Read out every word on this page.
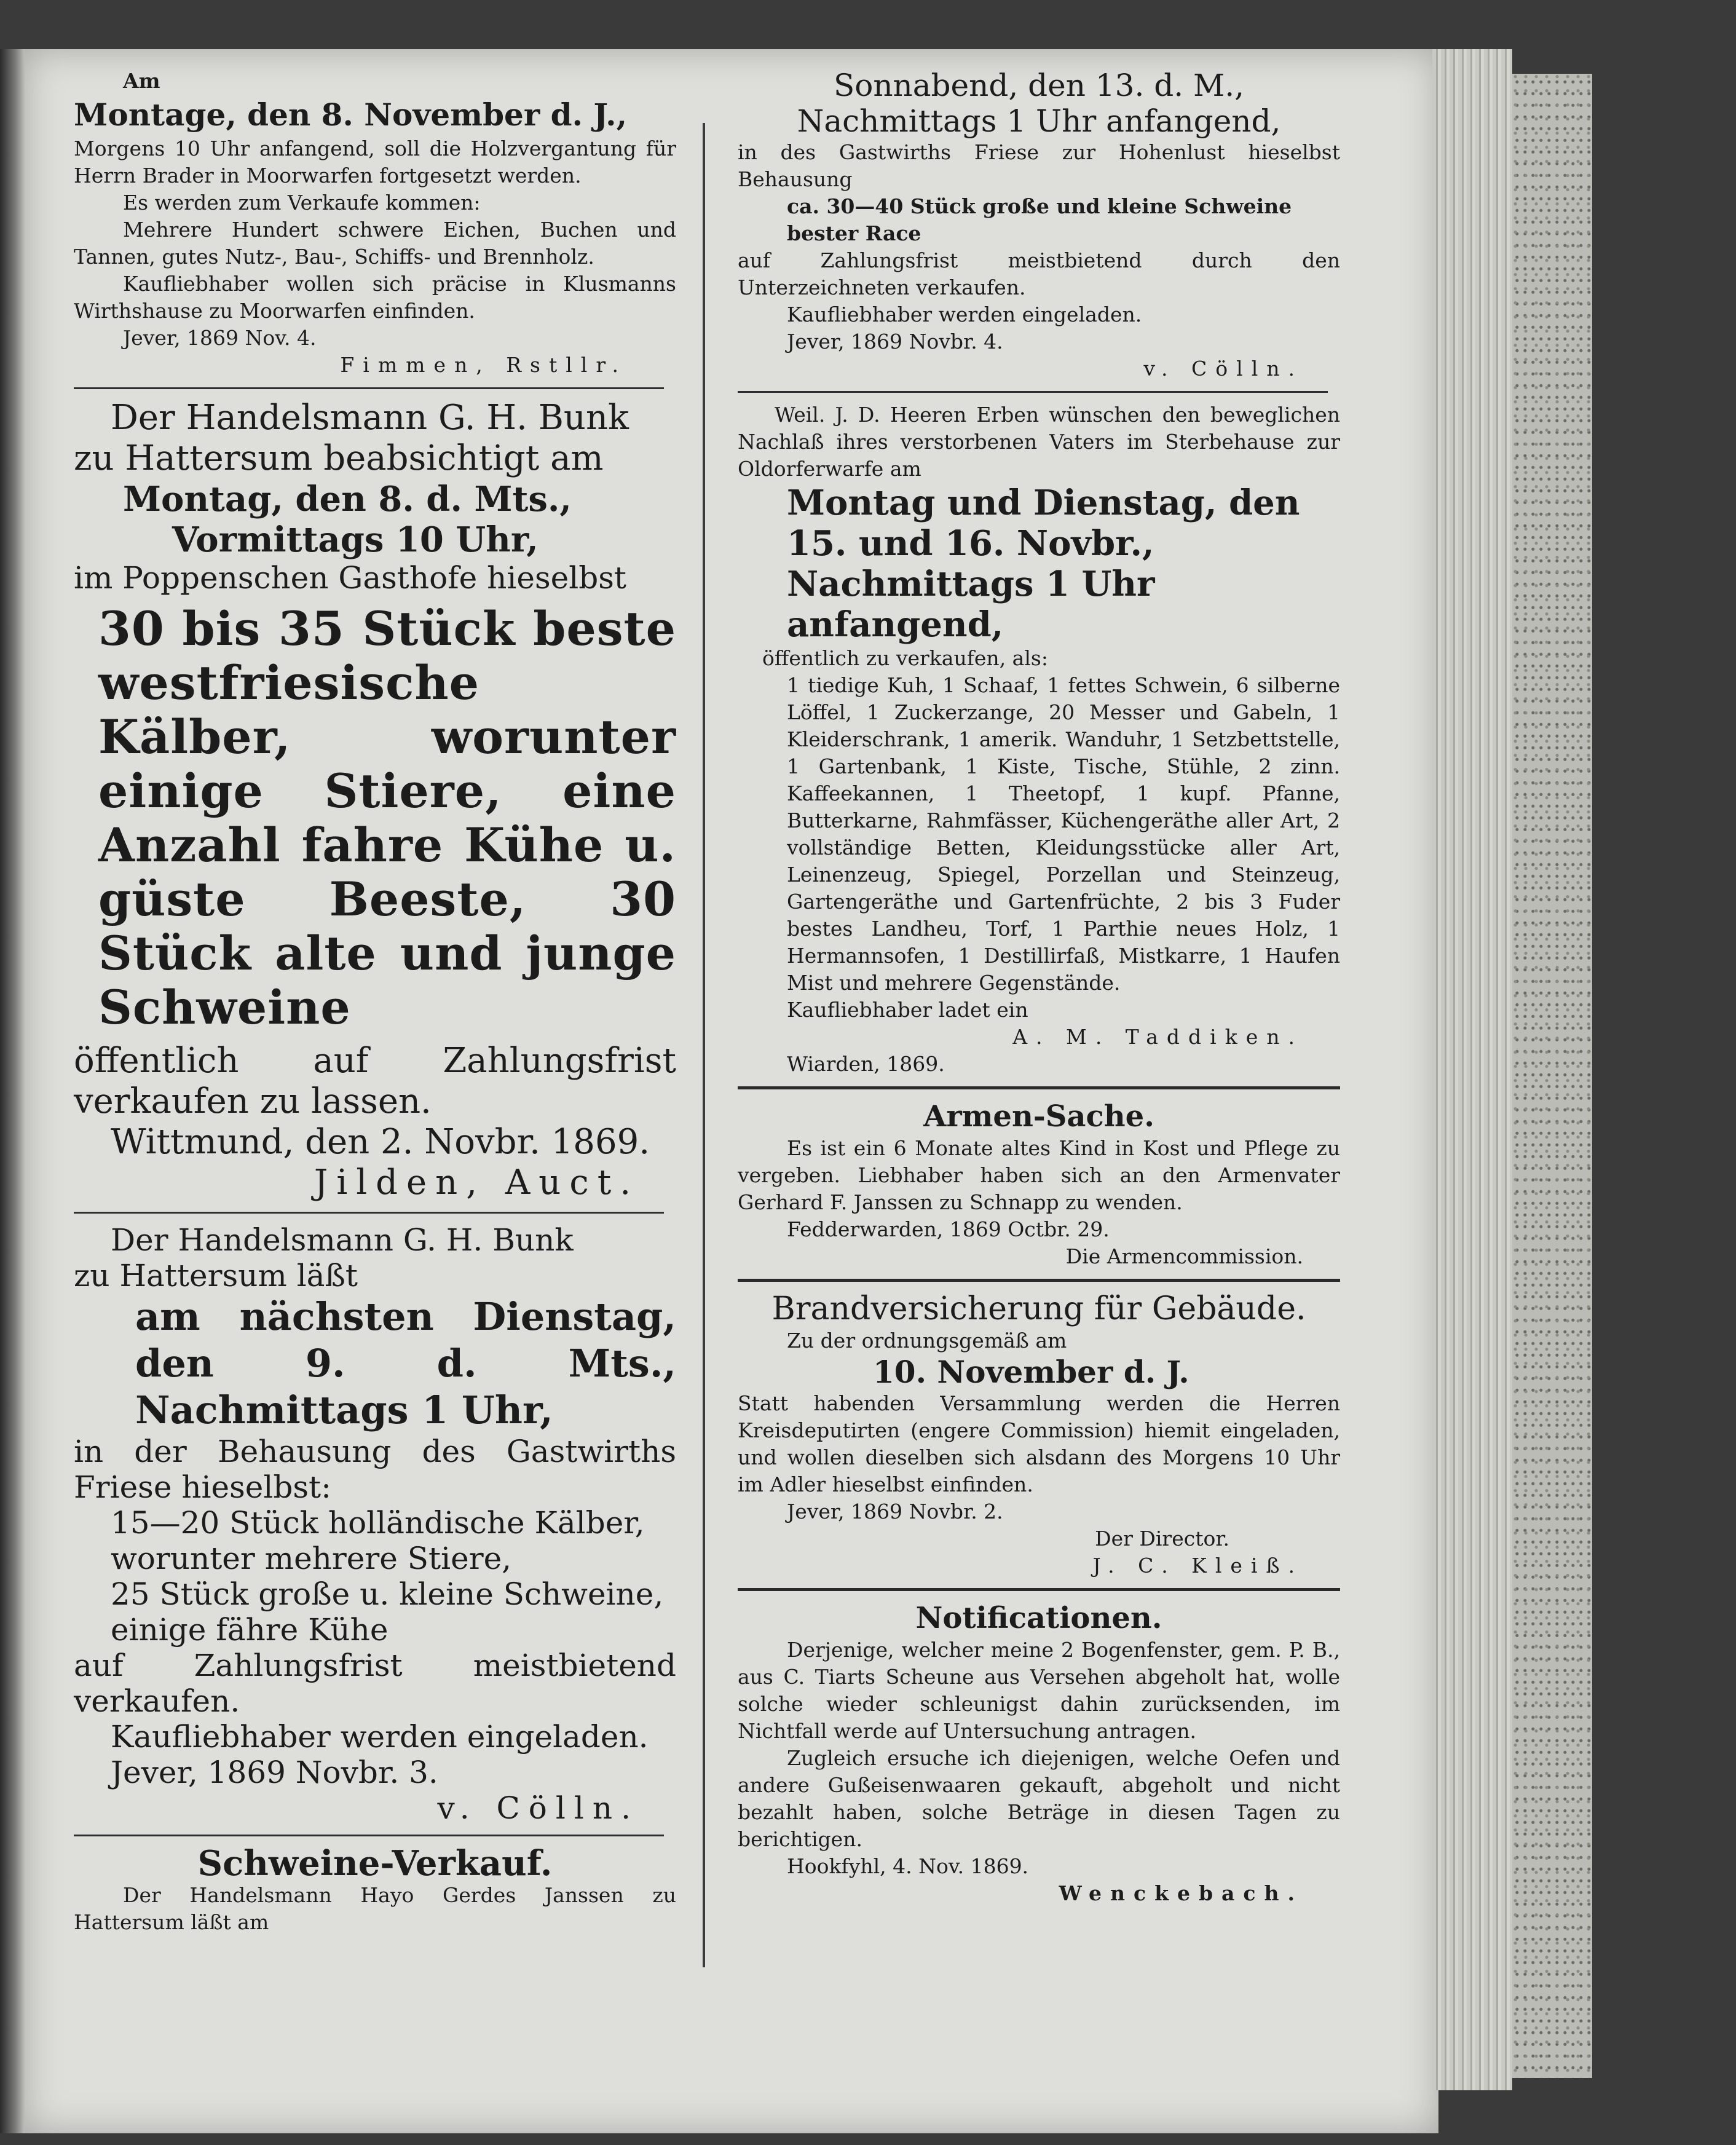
Am

Montage, den 8. November d. J.,

Morgens 10 Uhr anfangend, soll die Holzvergantung für Herrn Brader in Moorwarfen fortgesetzt werden.

Es werden zum Verkaufe kommen:

Mehrere Hundert schwere Eichen, Buchen und Tannen, gutes Nutz-, Bau-, Schiffs- und Brennholz.

Kaufliebhaber wollen sich präcise in Klusmanns Wirthshause zu Moorwarfen einfinden.

Jever, 1869 Nov. 4.

Fimmen, Rstllr.

Der Handelsmann G. H. Bunk

zu Hattersum beabsichtigt am

Montag, den 8. d. Mts.,

Vormittags 10 Uhr,

im Poppenschen Gasthofe hieselbst

30 bis 35 Stück beste westfriesische Kälber, worunter einige Stiere, eine Anzahl fahre Kühe u. güste Beeste, 30 Stück alte und junge Schweine

öffentlich auf Zahlungsfrist verkaufen zu lassen.

Wittmund, den 2. Novbr. 1869.

Jilden, Auct.

Der Handelsmann G. H. Bunk

zu Hattersum läßt

am nächsten Dienstag, den 9. d. Mts., Nachmittags 1 Uhr,

in der Behausung des Gastwirths Friese hieselbst:

15—20 Stück holländische Kälber, worunter mehrere Stiere,

25 Stück große u. kleine Schweine, einige fähre Kühe

auf Zahlungsfrist meistbietend verkaufen.

Kaufliebhaber werden eingeladen.

Jever, 1869 Novbr. 3.

v. Cölln.

Schweine-Verkauf.

Der Handelsmann Hayo Gerdes Janssen zu Hattersum läßt am

Sonnabend, den 13. d. M.,

Nachmittags 1 Uhr anfangend,

in des Gastwirths Friese zur Hohenlust hieselbst Behausung

ca. 30—40 Stück große und kleine Schweine bester Race

auf Zahlungsfrist meistbietend durch den Unterzeichneten verkaufen.

Kaufliebhaber werden eingeladen.

Jever, 1869 Novbr. 4.

v. Cölln.

Weil. J. D. Heeren Erben wünschen den beweglichen Nachlaß ihres verstorbenen Vaters im Sterbehause zur Oldorferwarfe am

Montag und Dienstag, den 15. und 16. Novbr., Nachmittags 1 Uhr anfangend,

öffentlich zu verkaufen, als:

1 tiedige Kuh, 1 Schaaf, 1 fettes Schwein, 6 silberne Löffel, 1 Zuckerzange, 20 Messer und Gabeln, 1 Kleiderschrank, 1 amerik. Wanduhr, 1 Setzbettstelle, 1 Gartenbank, 1 Kiste, Tische, Stühle, 2 zinn. Kaffeekannen, 1 Theetopf, 1 kupf. Pfanne, Butterkarne, Rahmfässer, Küchengeräthe aller Art, 2 vollständige Betten, Kleidungsstücke aller Art, Leinenzeug, Spiegel, Porzellan und Steinzeug, Gartengeräthe und Gartenfrüchte, 2 bis 3 Fuder bestes Landheu, Torf, 1 Parthie neues Holz, 1 Hermannsofen, 1 Destillirfaß, Mistkarre, 1 Haufen Mist und mehrere Gegenstände.

Kaufliebhaber ladet ein

A. M. Taddiken.

Wiarden, 1869.

Armen-Sache.

Es ist ein 6 Monate altes Kind in Kost und Pflege zu vergeben. Liebhaber haben sich an den Armenvater Gerhard F. Janssen zu Schnapp zu wenden.

Fedderwarden, 1869 Octbr. 29.

Die Armencommission.

Brandversicherung für Gebäude.

Zu der ordnungsgemäß am

10. November d. J.

Statt habenden Versammlung werden die Herren Kreisdeputirten (engere Commission) hiemit eingeladen, und wollen dieselben sich alsdann des Morgens 10 Uhr im Adler hieselbst einfinden.

Jever, 1869 Novbr. 2.

Der Director.

J. C. Kleiß.

Notificationen.

Derjenige, welcher meine 2 Bogenfenster, gem. P. B., aus C. Tiarts Scheune aus Versehen abgeholt hat, wolle solche wieder schleunigst dahin zurücksenden, im Nichtfall werde auf Untersuchung antragen.

Zugleich ersuche ich diejenigen, welche Oefen und andere Gußeisenwaaren gekauft, abgeholt und nicht bezahlt haben, solche Beträge in diesen Tagen zu berichtigen.

Hookfyhl, 4. Nov. 1869.

Wenckebach.
